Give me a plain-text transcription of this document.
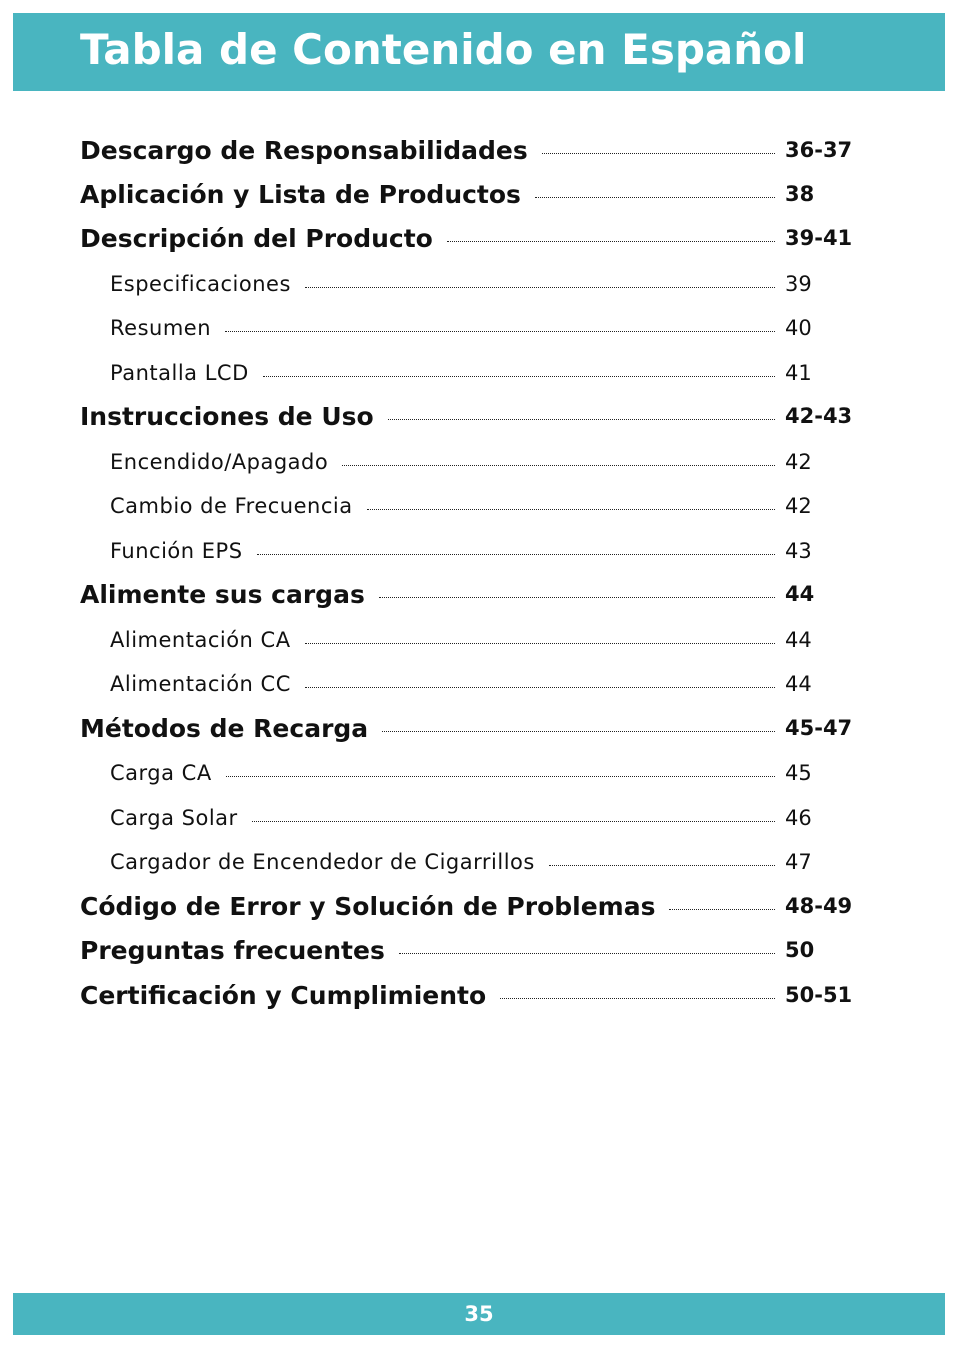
Tabla de Contenido en Español
Descargo de Responsabilidades	36-37
Aplicación y Lista de Productos	38
Descripción del Producto	39-41
Especificaciones	39
Resumen	40
Pantalla LCD	41
Instrucciones de Uso	42-43
Encendido/Apagado	42
Cambio de Frecuencia	42
Función EPS	43
Alimente sus cargas	44
Alimentación CA	44
Alimentación CC	44
Métodos de Recarga	45-47
Carga CA	45
Carga Solar	46
Cargador de Encendedor de Cigarrillos	47
Código de Error y Solución de Problemas	48-49
Preguntas frecuentes	50
Certificación y Cumplimiento	50-51
35
